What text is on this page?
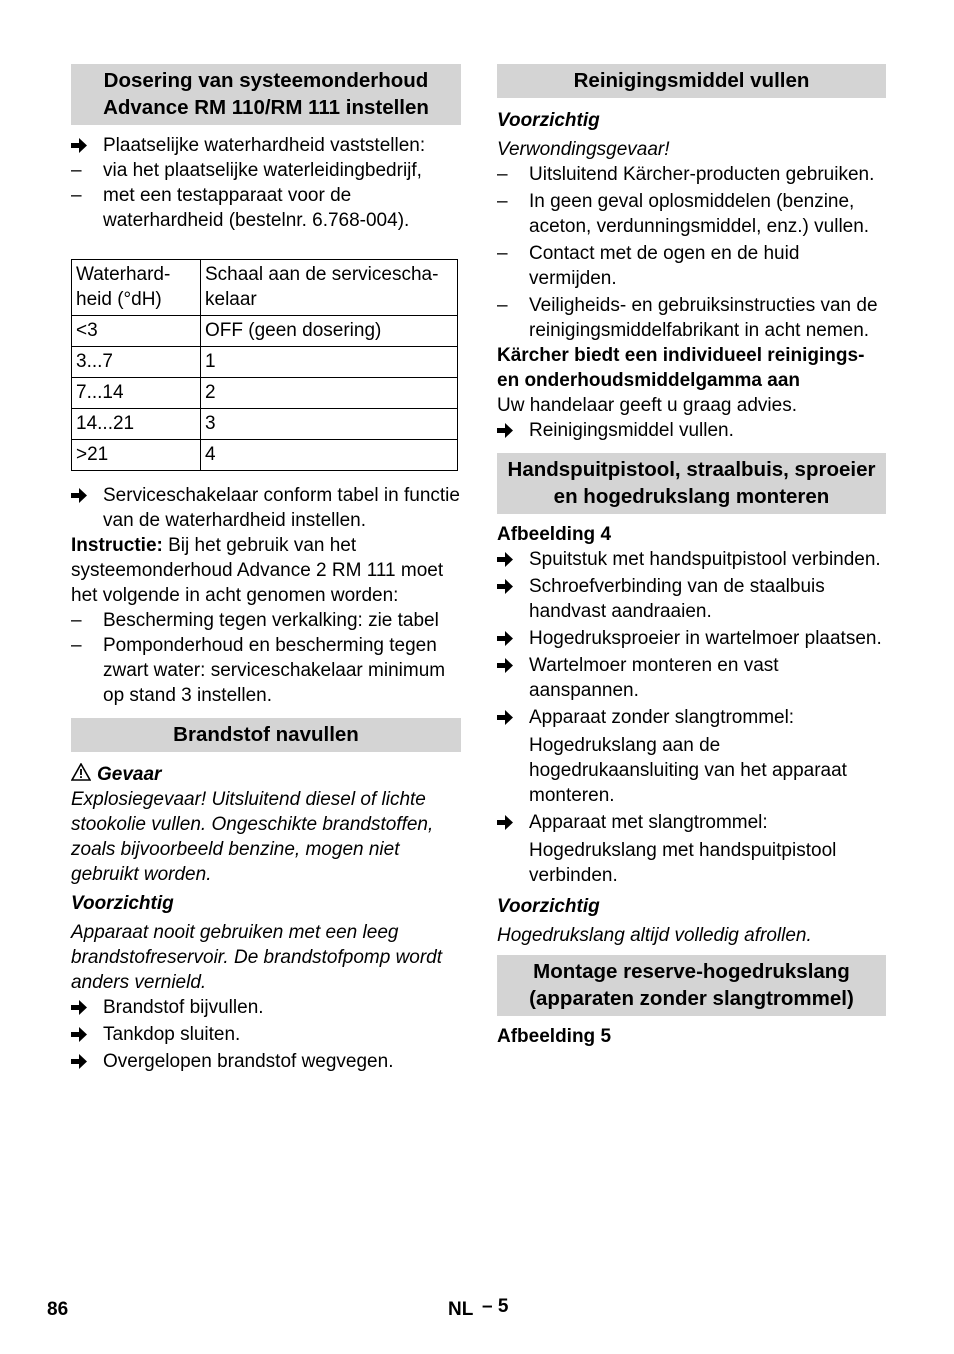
Dosering van systeemonderhoud Advance RM 110/RM 111 instellen
Plaatselijke waterhardheid vaststellen:
–	via het plaatselijke waterleidingbedrijf,
–	met een testapparaat voor de waterhardheid (bestelnr. 6.768-004).
Waterhardheid (°dH)	Schaal aan de serviceschakelaar
<3	OFF (geen dosering)
3...7	1
7...14	2
14...21	3
>21	4
Serviceschakelaar conform tabel in functie van de waterhardheid instellen.

Instructie: Bij het gebruik van het systeemonderhoud Advance 2 RM 111 moet het volgende in acht genomen worden:

–	Bescherming tegen verkalking: zie tabel
–	Pomponderhoud en bescherming tegen zwart water: serviceschakelaar minimum op stand 3 instellen.
Brandstof navullen
Gevaar

Explosiegevaar! Uitsluitend diesel of lichte stookolie vullen. Ongeschikte brandstoffen, zoals bijvoorbeeld benzine, mogen niet gebruikt worden.

Voorzichtig

Apparaat nooit gebruiken met een leeg brandstofreservoir. De brandstofpomp wordt anders vernield.

Brandstof bijvullen.
Tankdop sluiten.
Overgelopen brandstof wegvegen.
Reinigingsmiddel vullen
Voorzichtig

Verwondingsgevaar!

–	Uitsluitend Kärcher-producten gebruiken.
–	In geen geval oplosmiddelen (benzine, aceton, verdunningsmiddel, enz.) vullen.
–	Contact met de ogen en de huid vermijden.
–	Veiligheids- en gebruiksinstructies van de reinigingsmiddelfabrikant in acht nemen.

Kärcher biedt een individueel reinigings- en onderhoudsmiddelgamma aan

Uw handelaar geeft u graag advies.

Reinigingsmiddel vullen.
Handspuitpistool, straalbuis, sproeier en hogedrukslang monteren
Afbeelding 4
Spuitstuk met handspuitpistool verbinden.
Schroefverbinding van de staalbuis handvast aandraaien.
Hogedruksproeier in wartelmoer plaatsen.
Wartelmoer monteren en vast aanspannen.
Apparaat zonder slangtrommel:
Hogedrukslang aan de hogedrukaansluiting van het apparaat monteren.
Apparaat met slangtrommel:
Hogedrukslang met handspuitpistool verbinden.
Voorzichtig

Hogedrukslang altijd volledig afrollen.

Montage reserve-hogedrukslang (apparaten zonder slangtrommel)
Afbeelding 5
86	NL – 5
